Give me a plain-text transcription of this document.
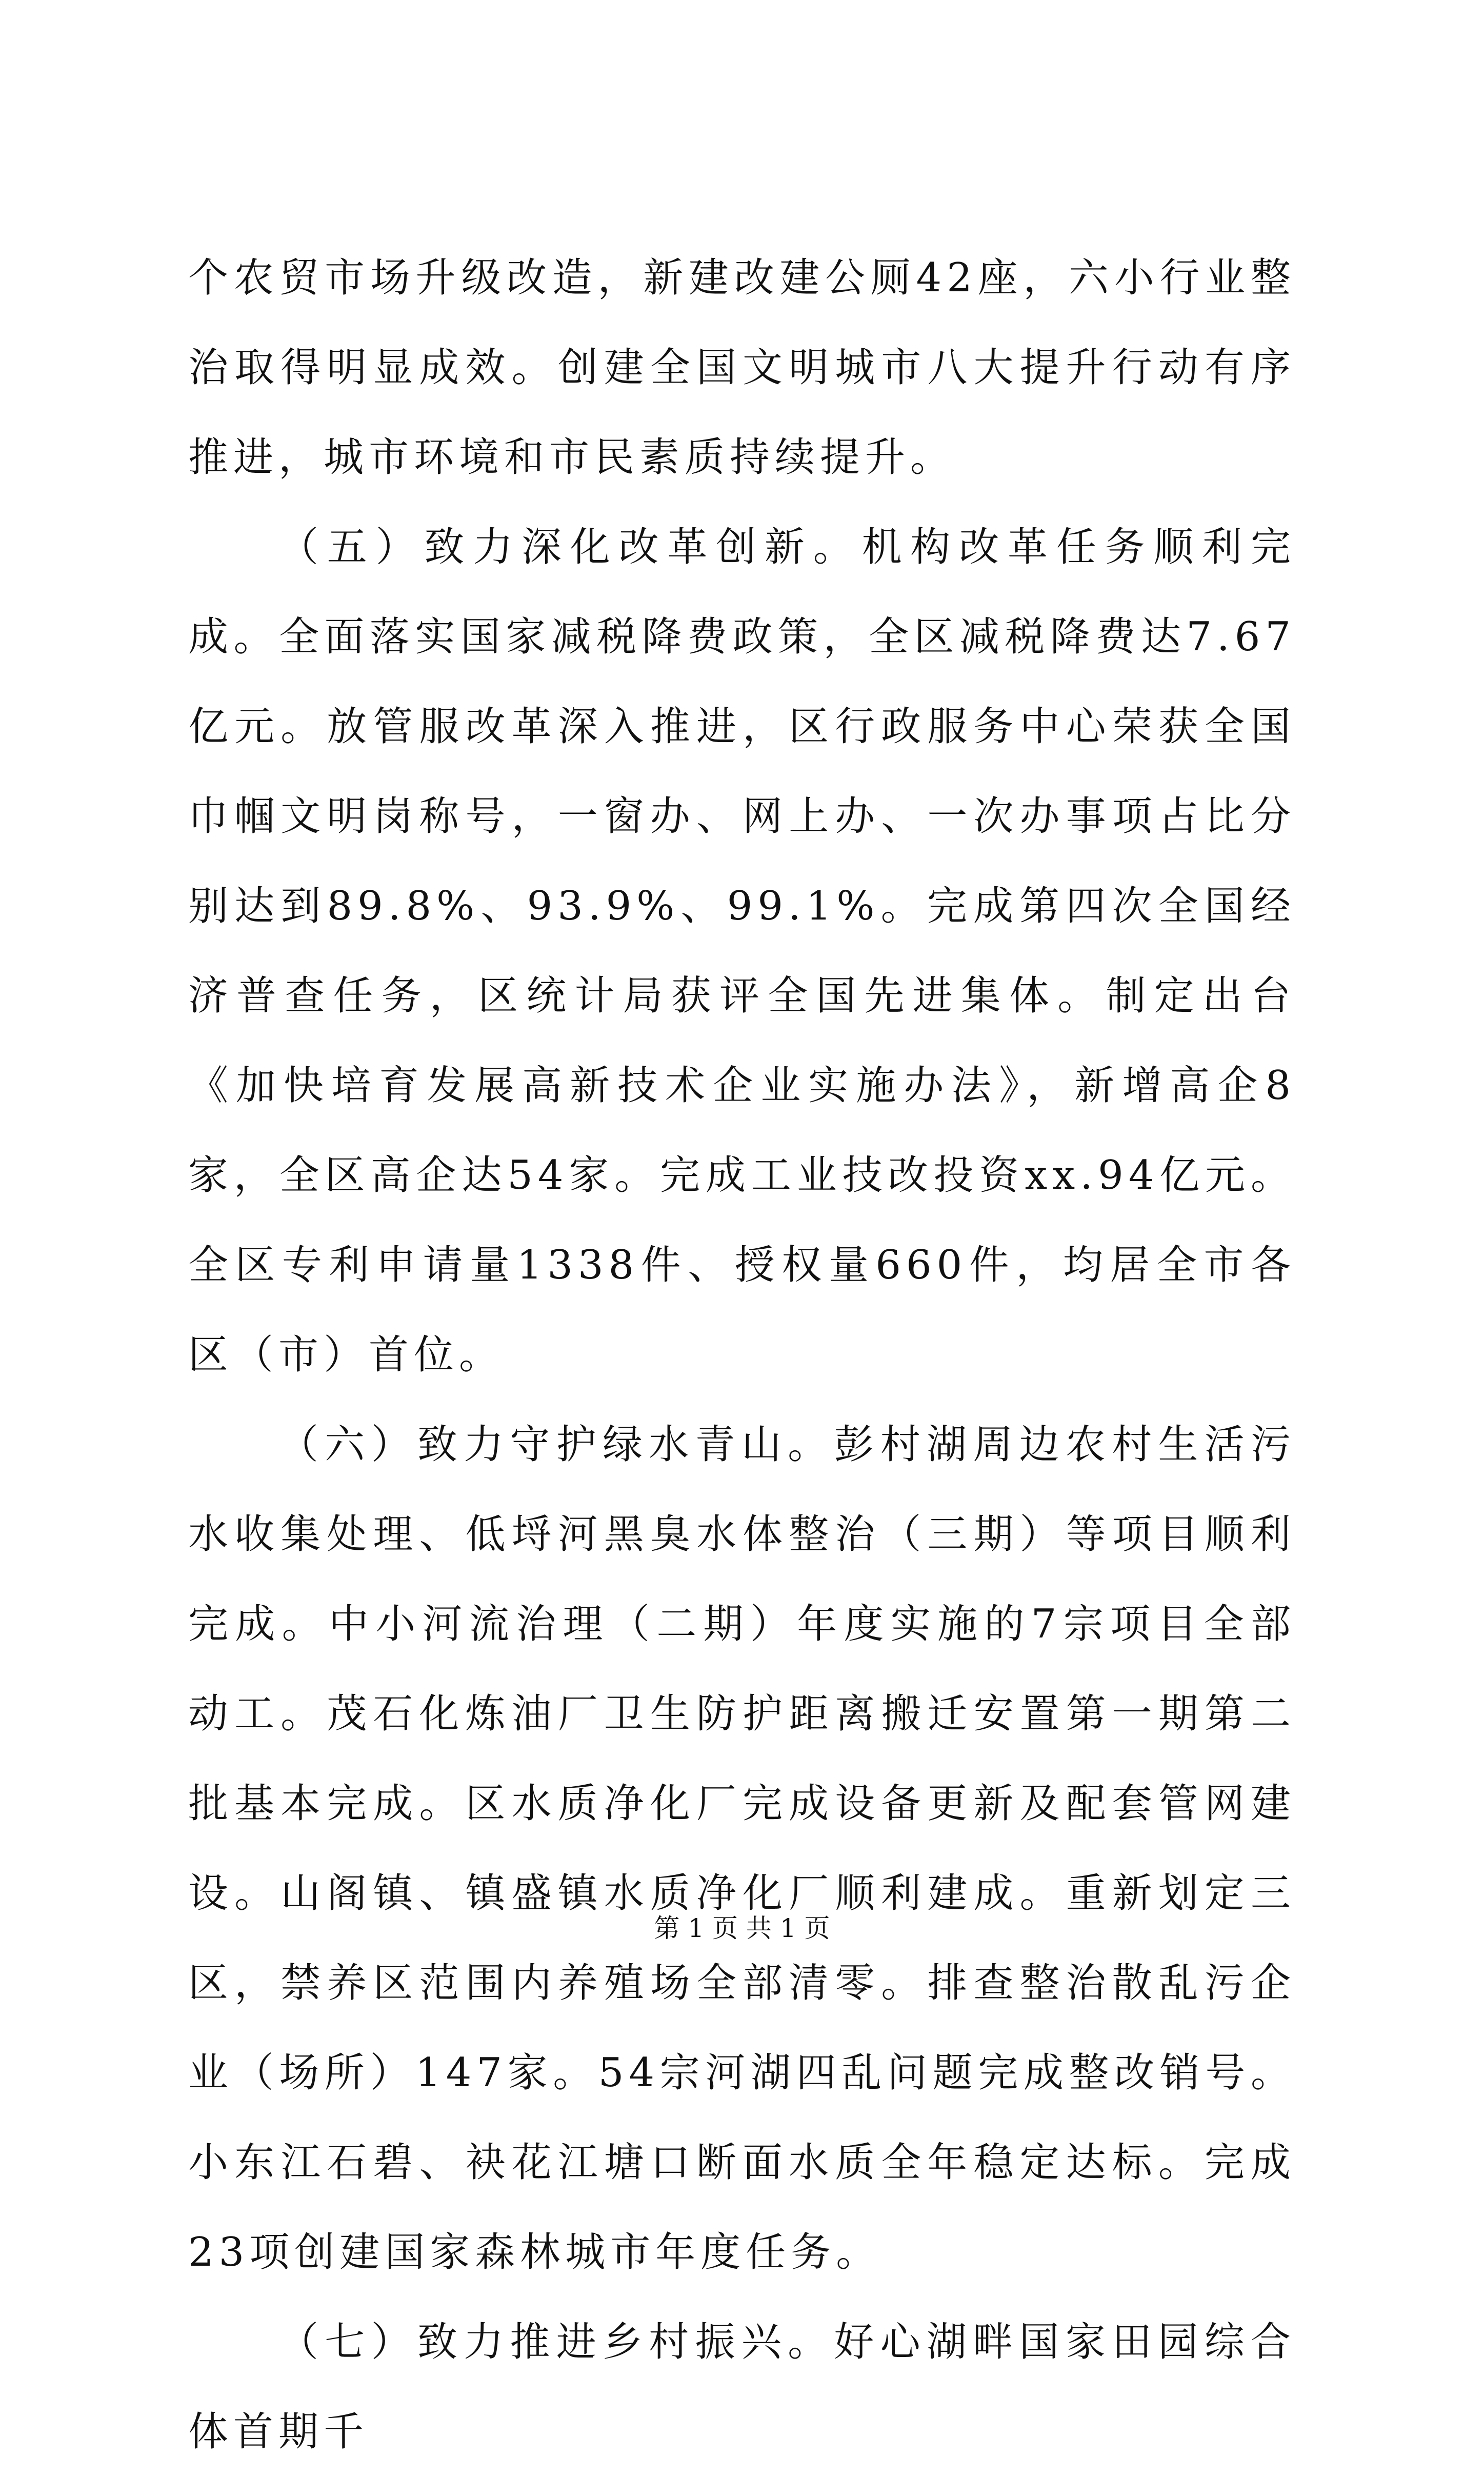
个农贸市场升级改造，新建改建公厕42座，六小行业整治取得明显成效。创建全国文明城市八大提升行动有序推进，城市环境和市民素质持续提升。

（五）致力深化改革创新。机构改革任务顺利完成。全面落实国家减税降费政策，全区减税降费达7.67亿元。放管服改革深入推进，区行政服务中心荣获全国巾帼文明岗称号，一窗办、网上办、一次办事项占比分别达到89.8%、93.9%、99.1%。完成第四次全国经济普查任务，区统计局获评全国先进集体。制定出台《加快培育发展高新技术企业实施办法》，新增高企8家，全区高企达54家。完成工业技改投资xx.94亿元。全区专利申请量1338件、授权量660件，均居全市各区（市）首位。

（六）致力守护绿水青山。彭村湖周边农村生活污水收集处理、低埒河黑臭水体整治（三期）等项目顺利完成。中小河流治理（二期）年度实施的7宗项目全部动工。茂石化炼油厂卫生防护距离搬迁安置第一期第二批基本完成。区水质净化厂完成设备更新及配套管网建设。山阁镇、镇盛镇水质净化厂顺利建成。重新划定三区，禁养区范围内养殖场全部清零。排查整治散乱污企业（场所）147家。54宗河湖四乱问题完成整改销号。小东江石碧、袂花江塘口断面水质全年稳定达标。完成23项创建国家森林城市年度任务。

（七）致力推进乡村振兴。好心湖畔国家田园综合体首期千

第 1 页 共 1 页
